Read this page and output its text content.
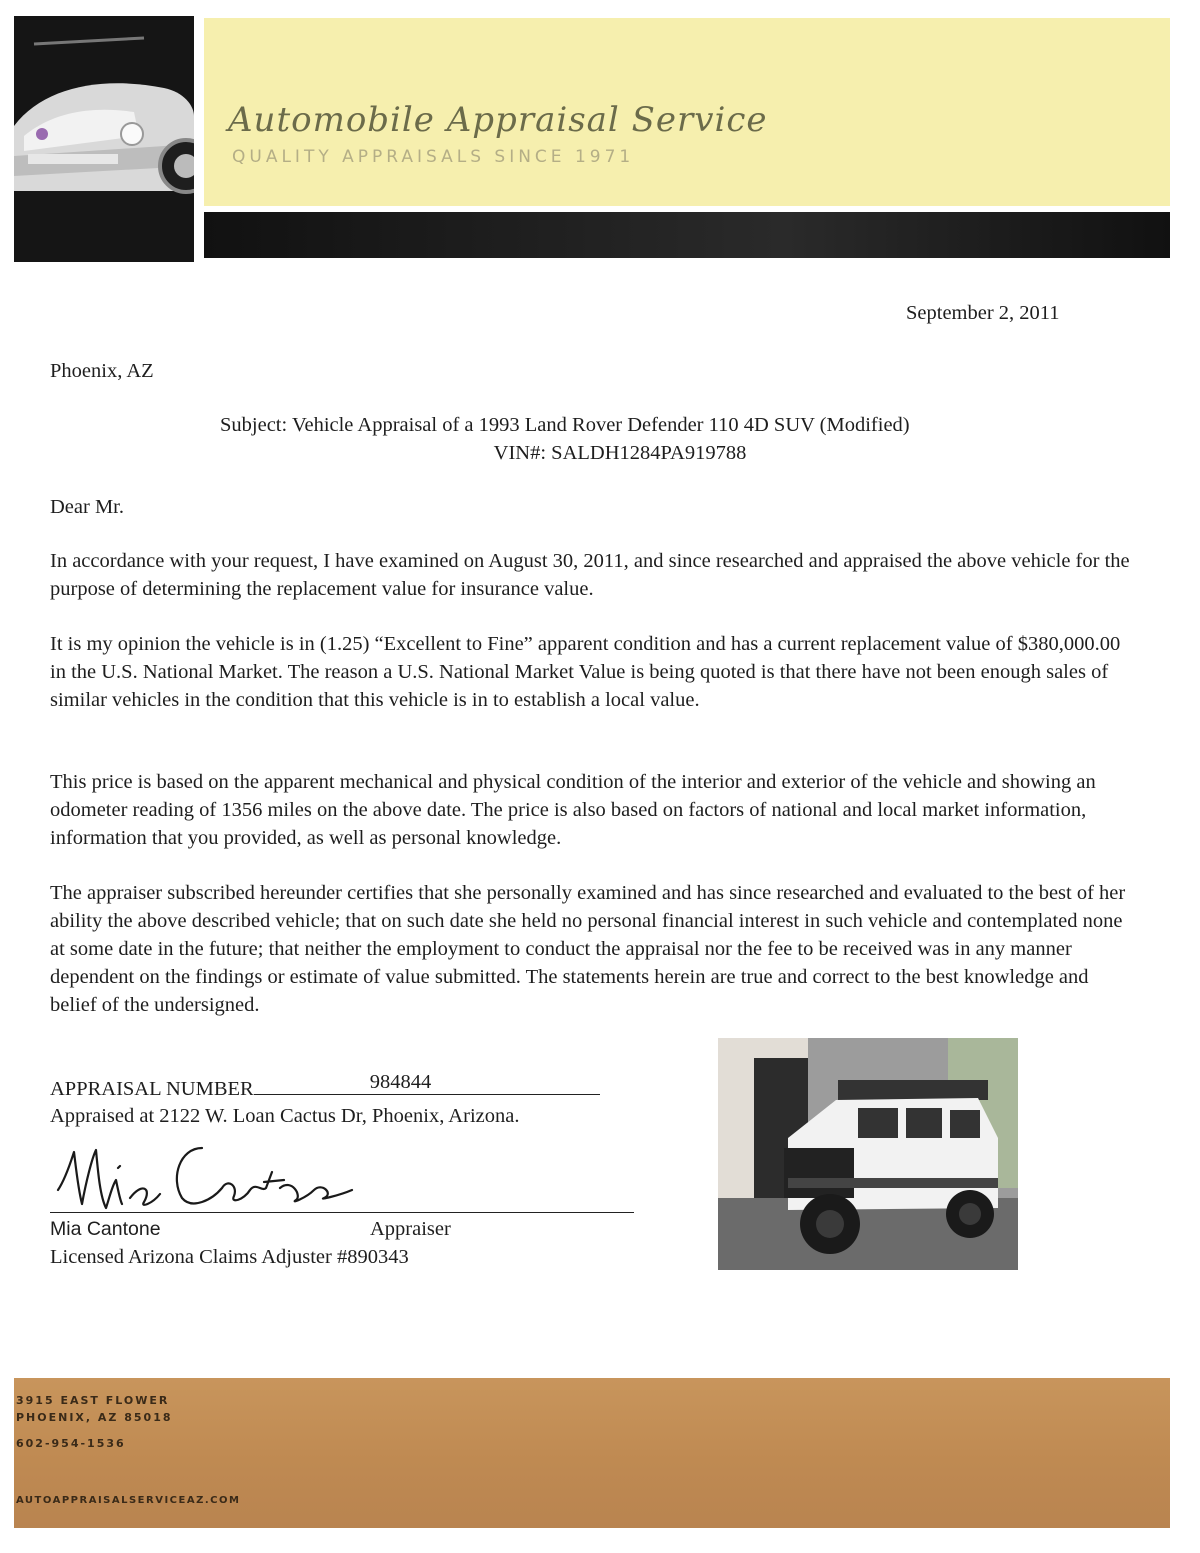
Automobile Appraisal Service
QUALITY APPRAISALS SINCE 1971
September 2, 2011
Phoenix, AZ
Subject: Vehicle Appraisal of a 1993 Land Rover Defender 110 4D SUV (Modified)
VIN#: SALDH1284PA919788
Dear Mr.
In accordance with your request, I have examined on August 30, 2011, and since researched and appraised the above vehicle for the purpose of determining the replacement value for insurance value.
It is my opinion the vehicle is in (1.25) “Excellent to Fine” apparent condition and has a current replacement value of $380,000.00 in the U.S. National Market. The reason a U.S. National Market Value is being quoted is that there have not been enough sales of similar vehicles in the condition that this vehicle is in to establish a local value.
This price is based on the apparent mechanical and physical condition of the interior and exterior of the vehicle and showing an odometer reading of 1356 miles on the above date. The price is also based on factors of national and local market information, information that you provided, as well as personal knowledge.
The appraiser subscribed hereunder certifies that she personally examined and has since researched and evaluated to the best of her ability the above described vehicle; that on such date she held no personal financial interest in such vehicle and contemplated none at some date in the future; that neither the employment to conduct the appraisal nor the fee to be received was in any manner dependent on the findings or estimate of value submitted. The statements herein are true and correct to the best knowledge and belief of the undersigned.
APPRAISAL NUMBER	984844
Appraised at 2122 W. Loan Cactus Dr, Phoenix, Arizona.
Mia Cantone	Appraiser
Licensed Arizona Claims Adjuster #890343
3915 EAST FLOWER
PHOENIX, AZ 85018
602-954-1536
AUTOAPPRAISALSERVICEAZ.COM
